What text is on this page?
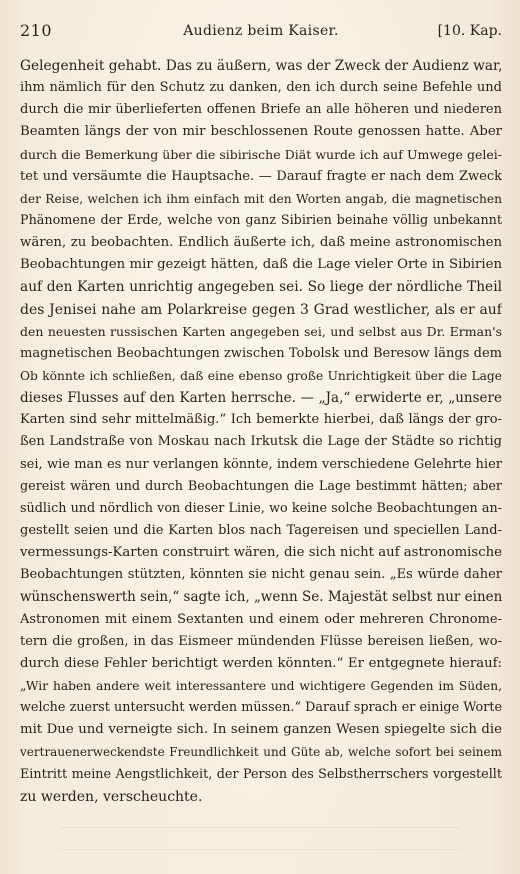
210	Audienz beim Kaiser.	[10. Kap.
Gelegenheit gehabt. Das zu äußern, was der Zweck der Audienz war,
ihm nämlich für den Schutz zu danken, den ich durch seine Befehle und
durch die mir überlieferten offenen Briefe an alle höheren und niederen
Beamten längs der von mir beschlossenen Route genossen hatte. Aber
durch die Bemerkung über die sibirische Diät wurde ich auf Umwege gelei-
tet und versäumte die Hauptsache. — Darauf fragte er nach dem Zweck
der Reise, welchen ich ihm einfach mit den Worten angab, die magnetischen
Phänomene der Erde, welche von ganz Sibirien beinahe völlig unbekannt
wären, zu beobachten. Endlich äußerte ich, daß meine astronomischen
Beobachtungen mir gezeigt hätten, daß die Lage vieler Orte in Sibirien
auf den Karten unrichtig angegeben sei. So liege der nördliche Theil
des Jenisei nahe am Polarkreise gegen 3 Grad westlicher, als er auf
den neuesten russischen Karten angegeben sei, und selbst aus Dr. Erman's
magnetischen Beobachtungen zwischen Tobolsk und Beresow längs dem
Ob könnte ich schließen, daß eine ebenso große Unrichtigkeit über die Lage
dieses Flusses auf den Karten herrsche. — „Ja,“ erwiderte er, „unsere
Karten sind sehr mittelmäßig.“ Ich bemerkte hierbei, daß längs der gro-
ßen Landstraße von Moskau nach Irkutsk die Lage der Städte so richtig
sei, wie man es nur verlangen könnte, indem verschiedene Gelehrte hier
gereist wären und durch Beobachtungen die Lage bestimmt hätten; aber
südlich und nördlich von dieser Linie, wo keine solche Beobachtungen an-
gestellt seien und die Karten blos nach Tagereisen und speciellen Land-
vermessungs-Karten construirt wären, die sich nicht auf astronomische
Beobachtungen stützten, könnten sie nicht genau sein. „Es würde daher
wünschenswerth sein,“ sagte ich, „wenn Se. Majestät selbst nur einen
Astronomen mit einem Sextanten und einem oder mehreren Chronome-
tern die großen, in das Eismeer mündenden Flüsse bereisen ließen, wo-
durch diese Fehler berichtigt werden könnten.“ Er entgegnete hierauf:
„Wir haben andere weit interessantere und wichtigere Gegenden im Süden,
welche zuerst untersucht werden müssen.“ Darauf sprach er einige Worte
mit Due und verneigte sich. In seinem ganzen Wesen spiegelte sich die
vertrauenerweckendste Freundlichkeit und Güte ab, welche sofort bei seinem
Eintritt meine Aengstlichkeit, der Person des Selbstherrschers vorgestellt
zu werden, verscheuchte.
